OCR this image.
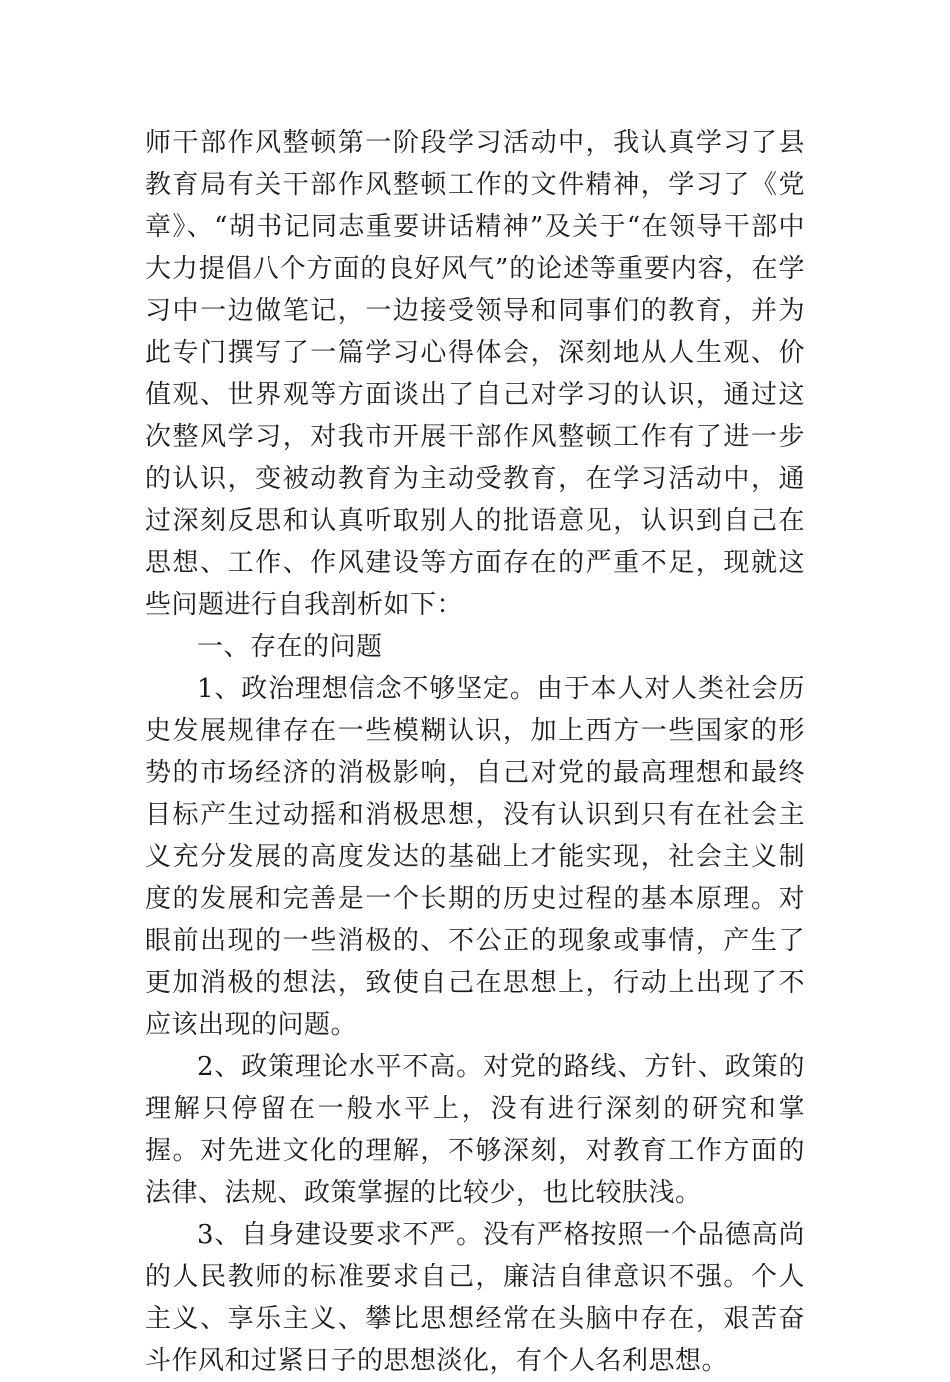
师干部作风整顿第一阶段学习活动中，我认真学习了县教育局有关干部作风整顿工作的文件精神，学习了《党章》、“胡书记同志重要讲话精神”及关于“在领导干部中大力提倡八个方面的良好风气”的论述等重要内容，在学习中一边做笔记，一边接受领导和同事们的教育，并为此专门撰写了一篇学习心得体会，深刻地从人生观、价值观、世界观等方面谈出了自己对学习的认识，通过这次整风学习，对我市开展干部作风整顿工作有了进一步的认识，变被动教育为主动受教育，在学习活动中，通过深刻反思和认真听取别人的批语意见，认识到自己在思想、工作、作风建设等方面存在的严重不足，现就这些问题进行自我剖析如下：

一、存在的问题

1、政治理想信念不够坚定。由于本人对人类社会历史发展规律存在一些模糊认识，加上西方一些国家的形势的市场经济的消极影响，自己对党的最高理想和最终目标产生过动摇和消极思想，没有认识到只有在社会主义充分发展的高度发达的基础上才能实现，社会主义制度的发展和完善是一个长期的历史过程的基本原理。对眼前出现的一些消极的、不公正的现象或事情，产生了更加消极的想法，致使自己在思想上，行动上出现了不应该出现的问题。

2、政策理论水平不高。对党的路线、方针、政策的理解只停留在一般水平上，没有进行深刻的研究和掌握。对先进文化的理解，不够深刻，对教育工作方面的法律、法规、政策掌握的比较少，也比较肤浅。

3、自身建设要求不严。没有严格按照一个品德高尚的人民教师的标准要求自己，廉洁自律意识不强。个人主义、享乐主义、攀比思想经常在头脑中存在，艰苦奋斗作风和过紧日子的思想淡化，有个人名利思想。
